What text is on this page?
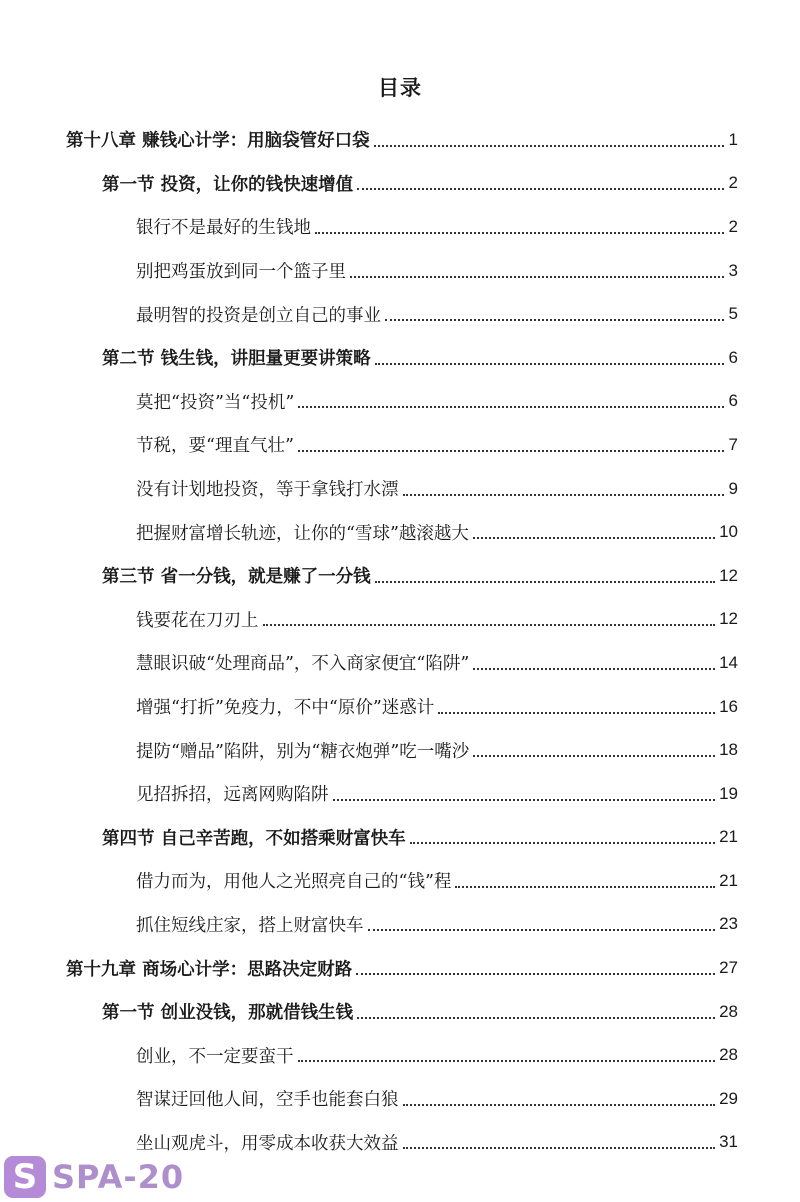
目录
第十八章 赚钱心计学：用脑袋管好口袋	1
第一节 投资，让你的钱快速增值	2
银行不是最好的生钱地	2
别把鸡蛋放到同一个篮子里	3
最明智的投资是创立自己的事业	5
第二节 钱生钱，讲胆量更要讲策略	6
莫把“投资”当“投机”	6
节税，要“理直气壮”	7
没有计划地投资，等于拿钱打水漂	9
把握财富增长轨迹，让你的“雪球”越滚越大	10
第三节 省一分钱，就是赚了一分钱	12
钱要花在刀刃上	12
慧眼识破“处理商品”，不入商家便宜“陷阱”	14
增强“打折”免疫力，不中“原价”迷惑计	16
提防“赠品”陷阱，别为“糖衣炮弹”吃一嘴沙	18
见招拆招，远离网购陷阱	19
第四节 自己辛苦跑，不如搭乘财富快车	21
借力而为，用他人之光照亮自己的“钱”程	21
抓住短线庄家，搭上财富快车	23
第十九章 商场心计学：思路决定财路	27
第一节 创业没钱，那就借钱生钱	28
创业，不一定要蛮干	28
智谋迂回他人间，空手也能套白狼	29
坐山观虎斗，用零成本收获大效益	31
S SPA-20
